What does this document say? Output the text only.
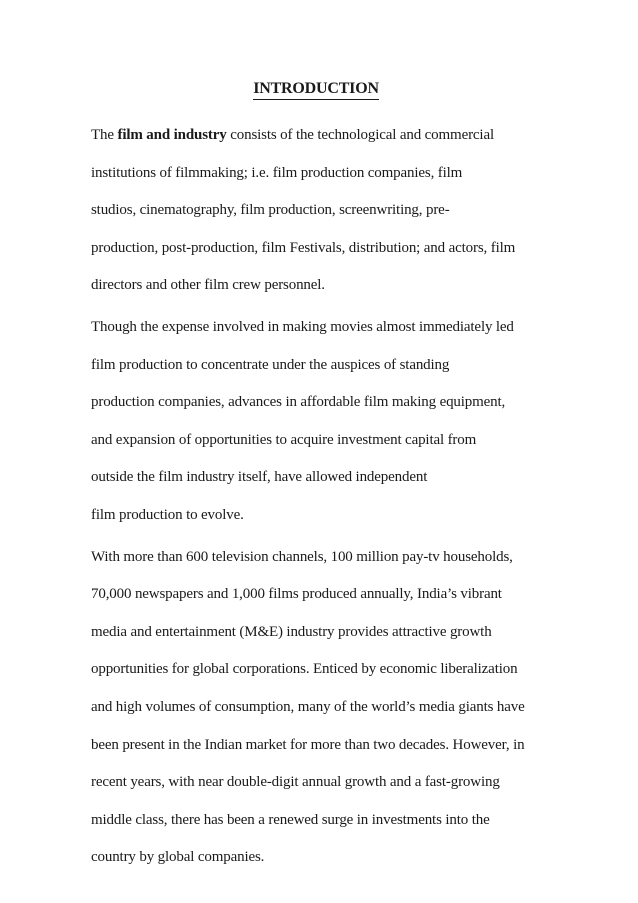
INTRODUCTION

The film and industry consists of the technological and commercial
institutions of filmmaking; i.e. film production companies, film
studios, cinematography, film production, screenwriting, pre-
production, post-production, film Festivals, distribution; and actors, film
directors and other film crew personnel.

Though the expense involved in making movies almost immediately led
film production to concentrate under the auspices of standing
production companies, advances in affordable film making equipment,
and expansion of opportunities to acquire investment capital from
outside the film industry itself, have allowed independent
film production to evolve.

With more than 600 television channels, 100 million pay-tv households,
70,000 newspapers and 1,000 films produced annually, India’s vibrant
media and entertainment (M&E) industry provides attractive growth
opportunities for global corporations. Enticed by economic liberalization
and high volumes of consumption, many of the world’s media giants have
been present in the Indian market for more than two decades. However, in
recent years, with near double-digit annual growth and a fast-growing
middle class, there has been a renewed surge in investments into the
country by global companies.
